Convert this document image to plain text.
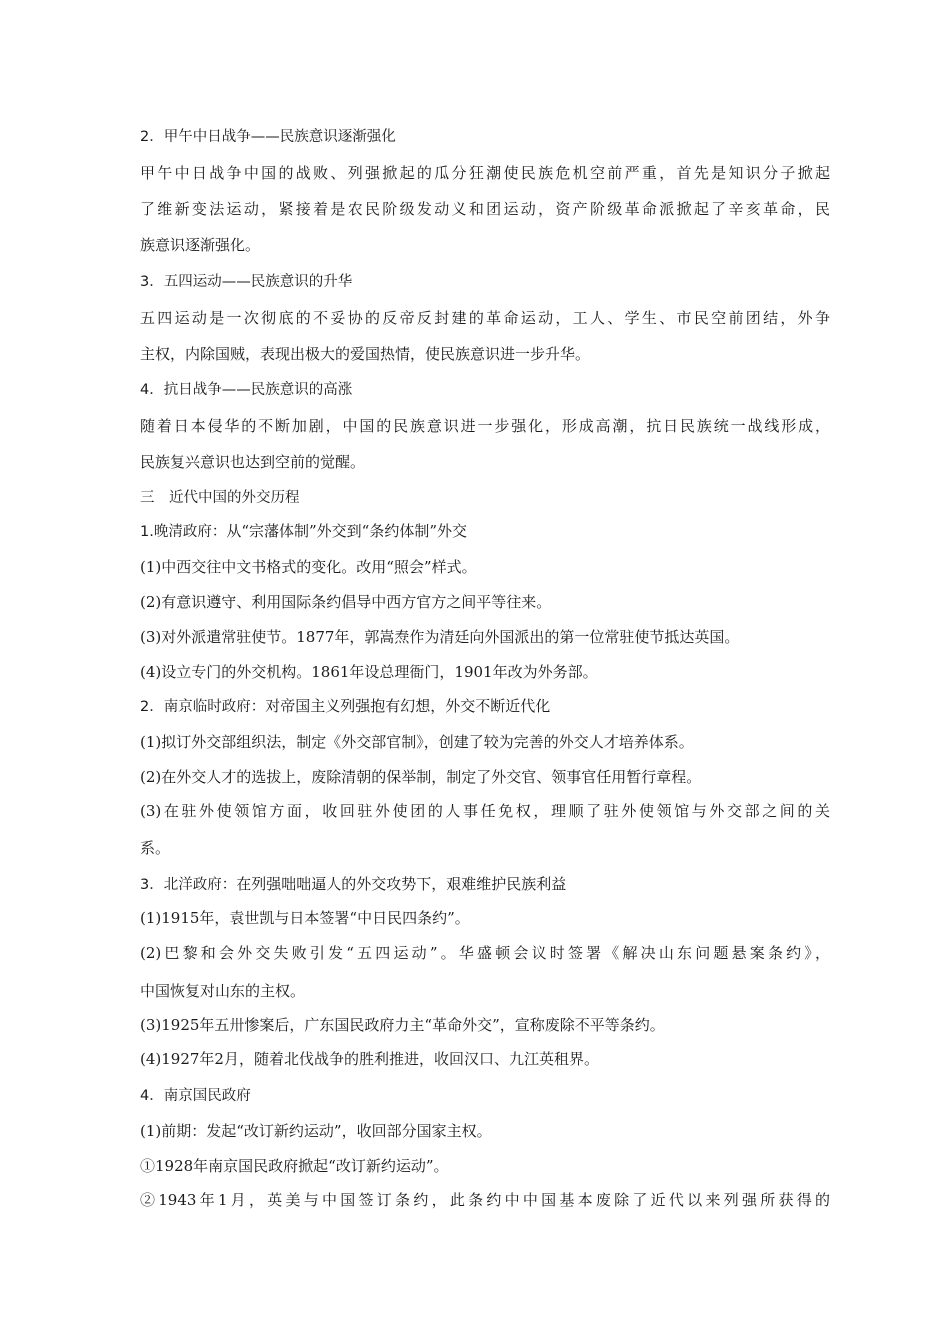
2．甲午中日战争——民族意识逐渐强化
甲午中日战争中国的战败、列强掀起的瓜分狂潮使民族危机空前严重，首先是知识分子掀起
了维新变法运动，紧接着是农民阶级发动义和团运动，资产阶级革命派掀起了辛亥革命，民
族意识逐渐强化。
3．五四运动——民族意识的升华
五四运动是一次彻底的不妥协的反帝反封建的革命运动，工人、学生、市民空前团结，外争
主权，内除国贼，表现出极大的爱国热情，使民族意识进一步升华。
4．抗日战争——民族意识的高涨
随着日本侵华的不断加剧，中国的民族意识进一步强化，形成高潮，抗日民族统一战线形成，
民族复兴意识也达到空前的觉醒。
三　近代中国的外交历程
1.晚清政府：从“宗藩体制”外交到“条约体制”外交
(1)中西交往中文书格式的变化。改用“照会”样式。
(2)有意识遵守、利用国际条约倡导中西方官方之间平等往来。
(3)对外派遣常驻使节。1877年，郭嵩焘作为清廷向外国派出的第一位常驻使节抵达英国。
(4)设立专门的外交机构。1861年设总理衙门，1901年改为外务部。
2．南京临时政府：对帝国主义列强抱有幻想，外交不断近代化
(1)拟订外交部组织法，制定《外交部官制》，创建了较为完善的外交人才培养体系。
(2)在外交人才的选拔上，废除清朝的保举制，制定了外交官、领事官任用暂行章程。
(3)在驻外使领馆方面，收回驻外使团的人事任免权，理顺了驻外使领馆与外交部之间的关
系。
3．北洋政府：在列强咄咄逼人的外交攻势下，艰难维护民族利益
(1)1915年，袁世凯与日本签署“中日民四条约”。
(2)巴黎和会外交失败引发“五四运动”。华盛顿会议时签署《解决山东问题悬案条约》，
中国恢复对山东的主权。
(3)1925年五卅惨案后，广东国民政府力主“革命外交”，宣称废除不平等条约。
(4)1927年2月，随着北伐战争的胜利推进，收回汉口、九江英租界。
4．南京国民政府
(1)前期：发起“改订新约运动”，收回部分国家主权。
①1928年南京国民政府掀起“改订新约运动”。
②1943年1月，英美与中国签订条约，此条约中中国基本废除了近代以来列强所获得的
